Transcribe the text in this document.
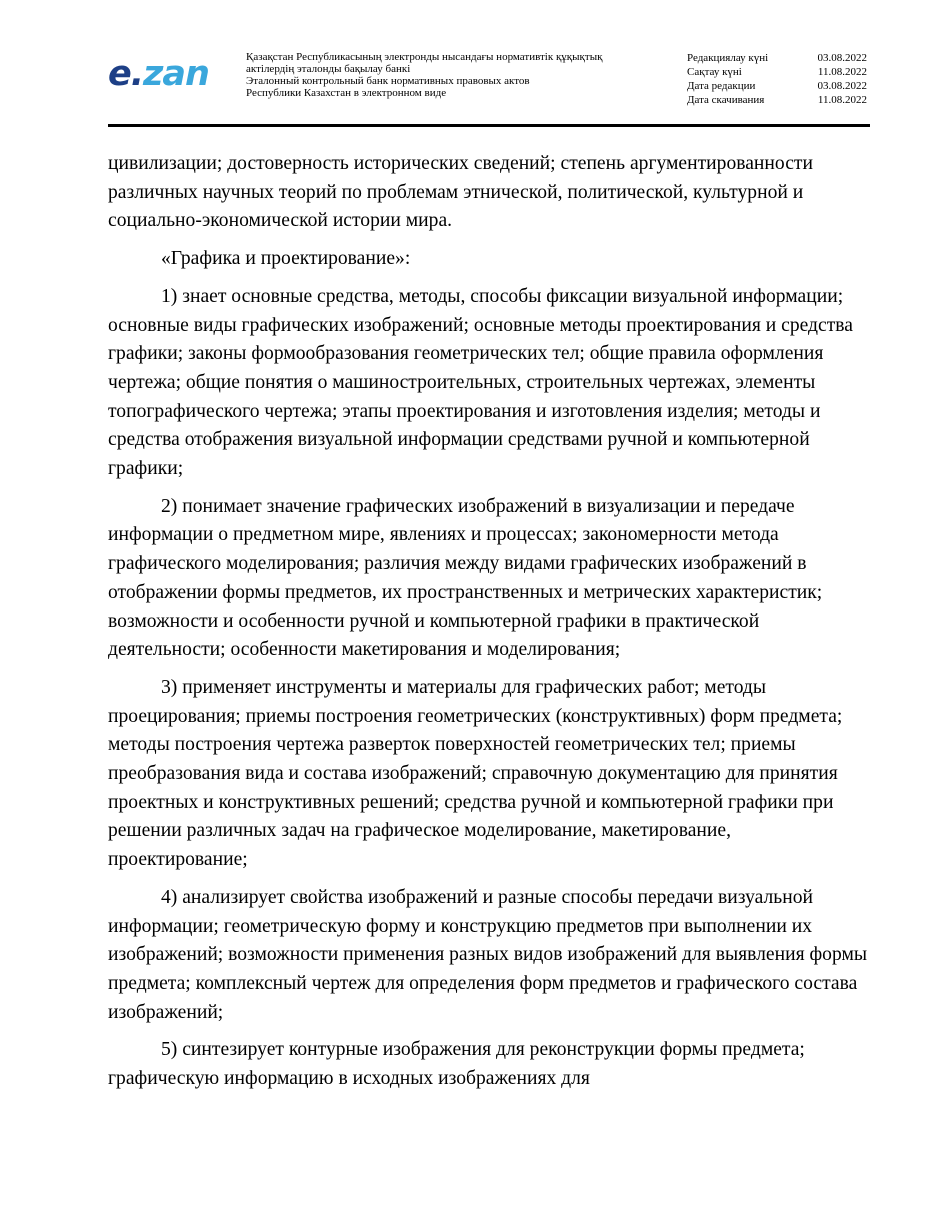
e.zan	Қазақстан Республикасының электронды нысандағы нормативтік құқықтық
актілердің эталонды бақылау банкі
Эталонный контрольный банк нормативных правовых актов
Республики Казахстан в электронном виде
Редакциялау күні	03.08.2022
Сақтау күні	11.08.2022
Дата редакции	03.08.2022
Дата скачивания	11.08.2022

цивилизации; достоверность исторических сведений; степень аргументированности различных научных теорий по проблемам этнической, политической, культурной и социально-экономической истории мира.

«Графика и проектирование»:

1) знает основные средства, методы, способы фиксации визуальной информации; основные виды графических изображений; основные методы проектирования и средства графики; законы формообразования геометрических тел; общие правила оформления чертежа; общие понятия о машиностроительных, строительных чертежах, элементы топографического чертежа; этапы проектирования и изготовления изделия; методы и средства отображения визуальной информации средствами ручной и компьютерной графики;

2) понимает значение графических изображений в визуализации и передаче информации о предметном мире, явлениях и процессах; закономерности метода графического моделирования; различия между видами графических изображений в отображении формы предметов, их пространственных и метрических характеристик; возможности и особенности ручной и компьютерной графики в практической деятельности; особенности макетирования и моделирования;

3) применяет инструменты и материалы для графических работ; методы проецирования; приемы построения геометрических (конструктивных) форм предмета; методы построения чертежа разверток поверхностей геометрических тел; приемы преобразования вида и состава изображений; справочную документацию для принятия проектных и конструктивных решений; средства ручной и компьютерной графики при решении различных задач на графическое моделирование, макетирование, проектирование;

4) анализирует свойства изображений и разные способы передачи визуальной информации; геометрическую форму и конструкцию предметов при выполнении их изображений; возможности применения разных видов изображений для выявления формы предмета; комплексный чертеж для определения форм предметов и графического состава изображений;

5) синтезирует контурные изображения для реконструкции формы предмета; графическую информацию в исходных изображениях для
